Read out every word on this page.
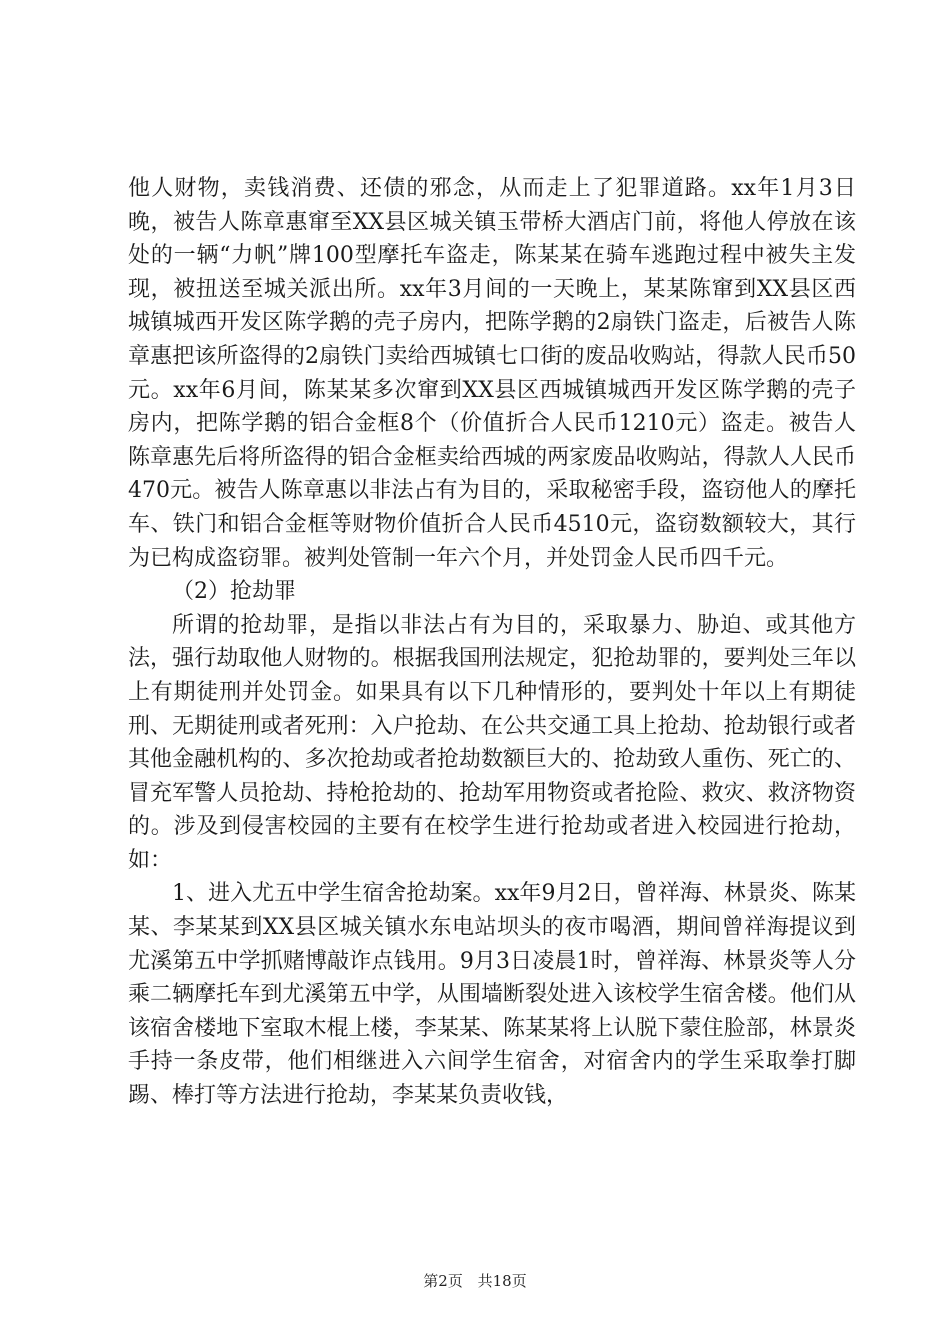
他人财物，卖钱消费、还债的邪念，从而走上了犯罪道路。xx年1月3日晚，被告人陈章惠窜至XX县区城关镇玉带桥大酒店门前，将他人停放在该处的一辆“力帆”牌100型摩托车盗走，陈某某在骑车逃跑过程中被失主发现，被扭送至城关派出所。xx年3月间的一天晚上，某某陈窜到XX县区西城镇城西开发区陈学鹅的壳子房内，把陈学鹅的2扇铁门盗走，后被告人陈章惠把该所盗得的2扇铁门卖给西城镇七口街的废品收购站，得款人民币50元。xx年6月间，陈某某多次窜到XX县区西城镇城西开发区陈学鹅的壳子房内，把陈学鹅的铝合金框8个（价值折合人民币1210元）盗走。被告人陈章惠先后将所盗得的铝合金框卖给西城的两家废品收购站，得款人人民币470元。被告人陈章惠以非法占有为目的，采取秘密手段，盗窃他人的摩托车、铁门和铝合金框等财物价值折合人民币4510元，盗窃数额较大，其行为已构成盗窃罪。被判处管制一年六个月，并处罚金人民币四千元。

（2）抢劫罪

所谓的抢劫罪，是指以非法占有为目的，采取暴力、胁迫、或其他方法，强行劫取他人财物的。根据我国刑法规定，犯抢劫罪的，要判处三年以上有期徒刑并处罚金。如果具有以下几种情形的，要判处十年以上有期徒刑、无期徒刑或者死刑：入户抢劫、在公共交通工具上抢劫、抢劫银行或者其他金融机构的、多次抢劫或者抢劫数额巨大的、抢劫致人重伤、死亡的、冒充军警人员抢劫、持枪抢劫的、抢劫军用物资或者抢险、救灾、救济物资的。涉及到侵害校园的主要有在校学生进行抢劫或者进入校园进行抢劫，如：

1、进入尤五中学生宿舍抢劫案。xx年9月2日，曾祥海、林景炎、陈某某、李某某到XX县区城关镇水东电站坝头的夜市喝酒，期间曾祥海提议到尤溪第五中学抓赌博敲诈点钱用。9月3日凌晨1时，曾祥海、林景炎等人分乘二辆摩托车到尤溪第五中学，从围墙断裂处进入该校学生宿舍楼。他们从该宿舍楼地下室取木棍上楼，李某某、陈某某将上认脱下蒙住脸部，林景炎手持一条皮带，他们相继进入六间学生宿舍，对宿舍内的学生采取拳打脚踢、棒打等方法进行抢劫，李某某负责收钱，

第2页 共18页
